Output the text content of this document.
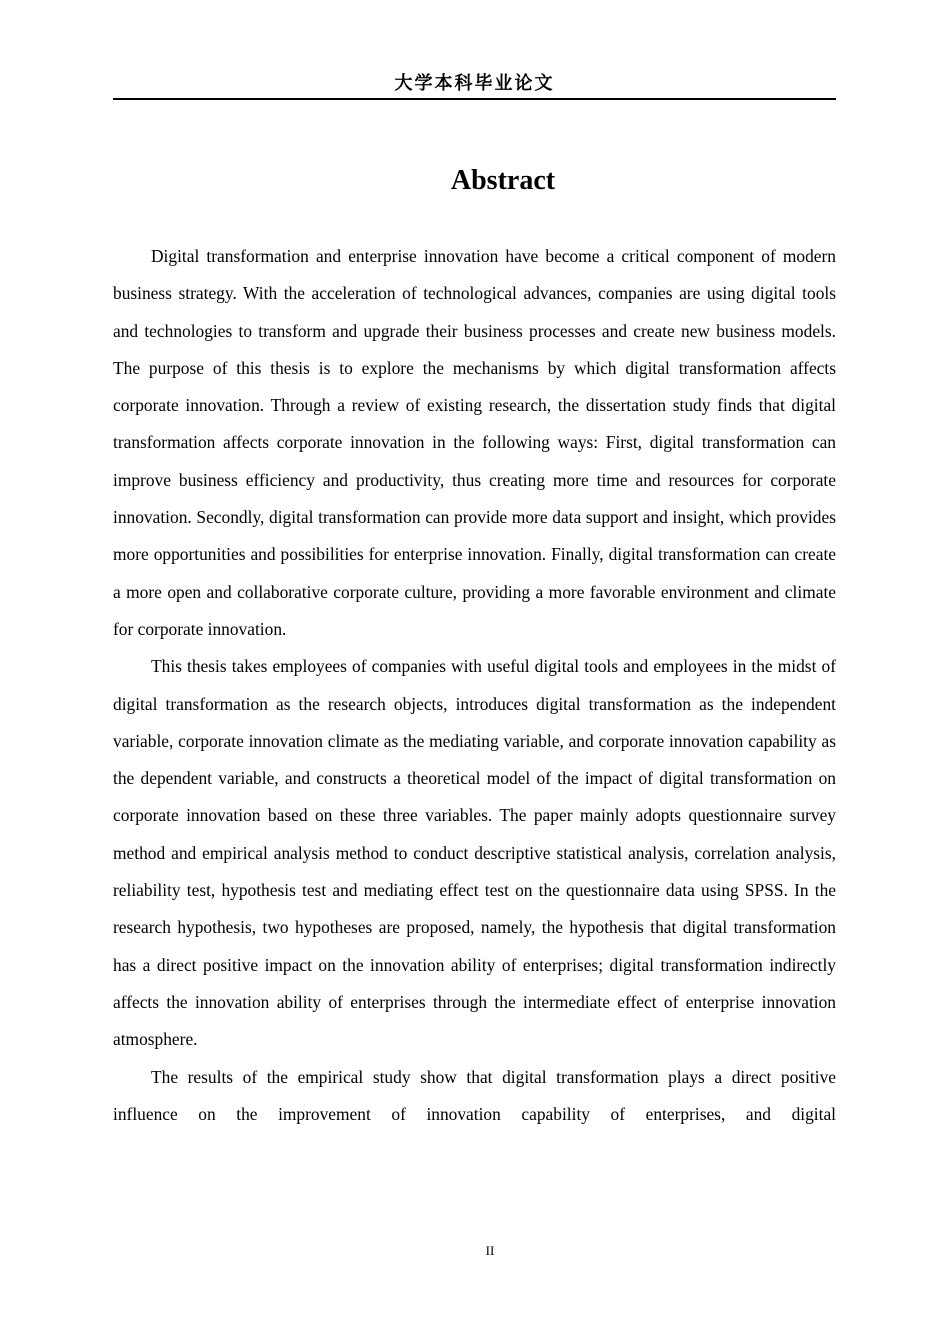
大学本科毕业论文
Abstract

Digital transformation and enterprise innovation have become a critical component of modern business strategy. With the acceleration of technological advances, companies are using digital tools and technologies to transform and upgrade their business processes and create new business models. The purpose of this thesis is to explore the mechanisms by which digital transformation affects corporate innovation. Through a review of existing research, the dissertation study finds that digital transformation affects corporate innovation in the following ways: First, digital transformation can improve business efficiency and productivity, thus creating more time and resources for corporate innovation. Secondly, digital transformation can provide more data support and insight, which provides more opportunities and possibilities for enterprise innovation. Finally, digital transformation can create a more open and collaborative corporate culture, providing a more favorable environment and climate for corporate innovation.

This thesis takes employees of companies with useful digital tools and employees in the midst of digital transformation as the research objects, introduces digital transformation as the independent variable, corporate innovation climate as the mediating variable, and corporate innovation capability as the dependent variable, and constructs a theoretical model of the impact of digital transformation on corporate innovation based on these three variables. The paper mainly adopts questionnaire survey method and empirical analysis method to conduct descriptive statistical analysis, correlation analysis, reliability test, hypothesis test and mediating effect test on the questionnaire data using SPSS. In the research hypothesis, two hypotheses are proposed, namely, the hypothesis that digital transformation has a direct positive impact on the innovation ability of enterprises; digital transformation indirectly affects the innovation ability of enterprises through the intermediate effect of enterprise innovation atmosphere.

The results of the empirical study show that digital transformation plays a direct positive influence on the improvement of innovation capability of enterprises, and digital

II
